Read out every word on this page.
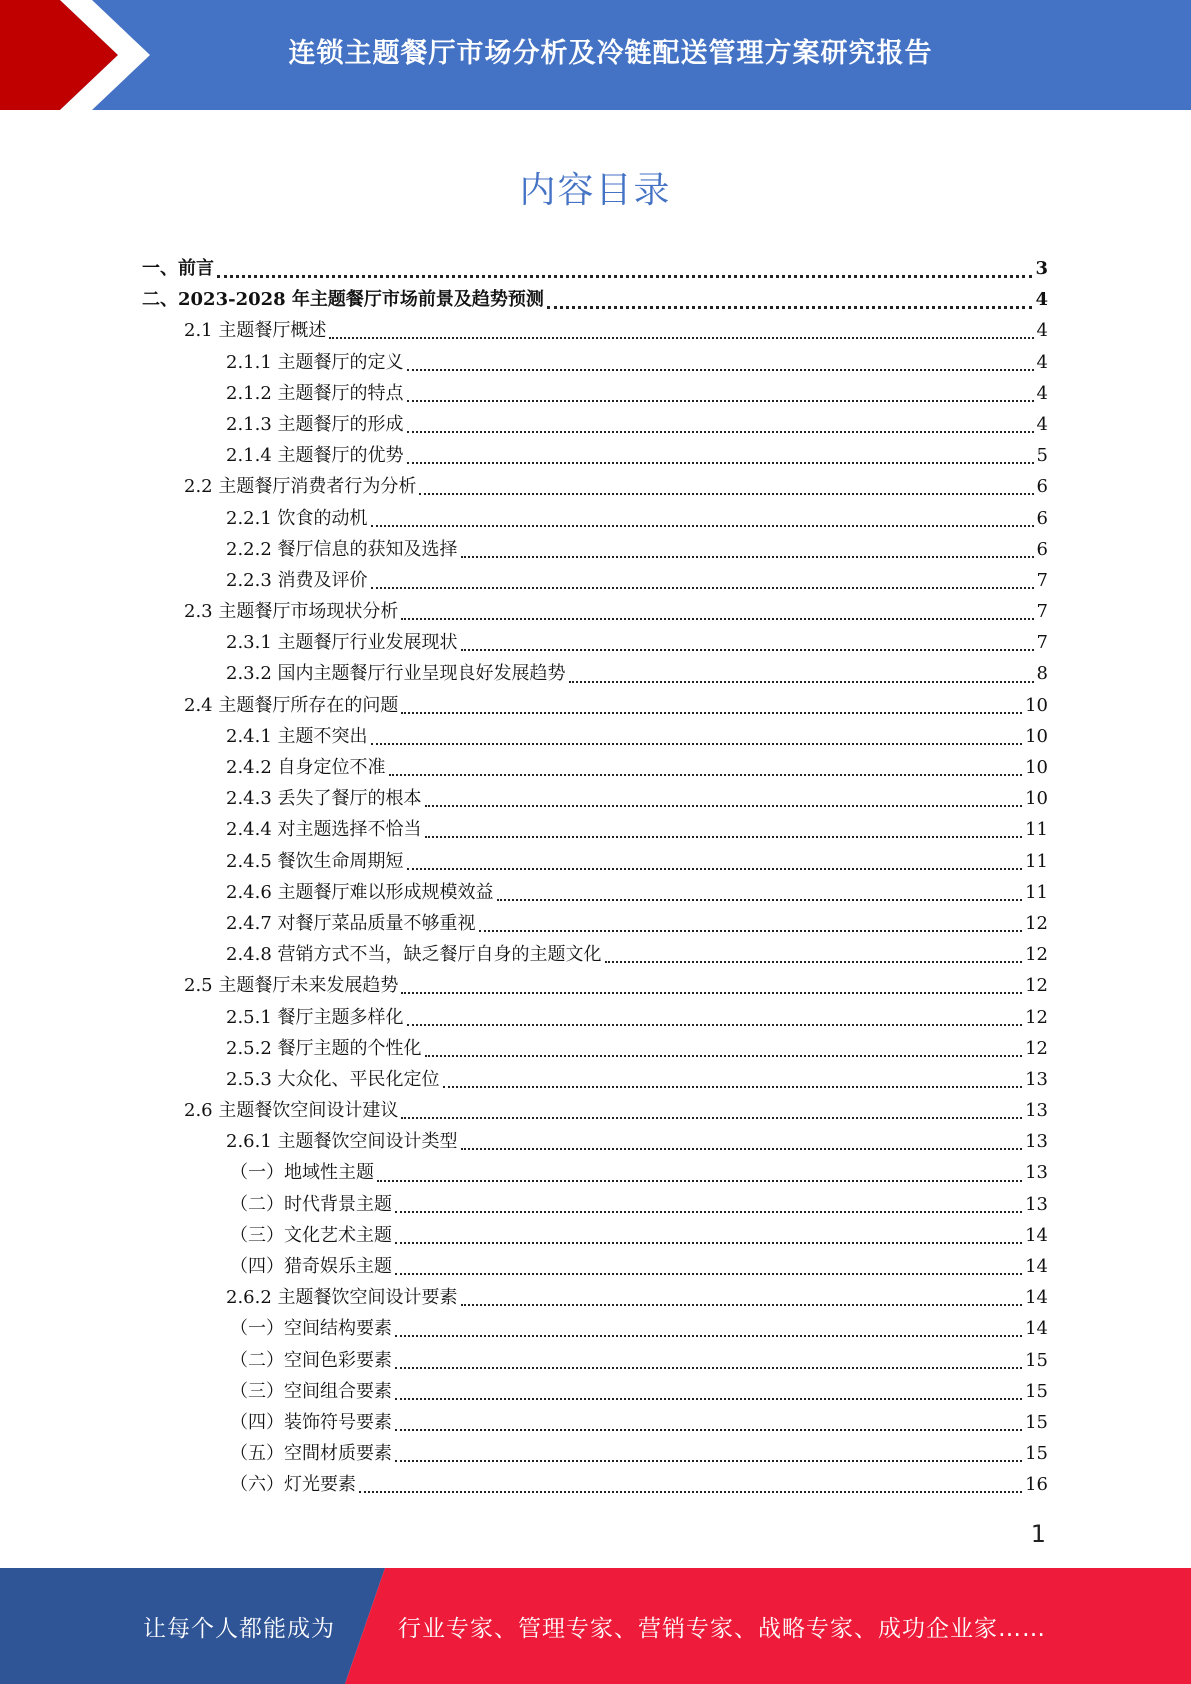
连锁主题餐厅市场分析及冷链配送管理方案研究报告
内容目录
一、前言	3
二、2023-2028 年主题餐厅市场前景及趋势预测	4
2.1 主题餐厅概述	4
2.1.1 主题餐厅的定义	4
2.1.2 主题餐厅的特点	4
2.1.3 主题餐厅的形成	4
2.1.4 主题餐厅的优势	5
2.2 主题餐厅消费者行为分析	6
2.2.1 饮食的动机	6
2.2.2 餐厅信息的获知及选择	6
2.2.3 消费及评价	7
2.3 主题餐厅市场现状分析	7
2.3.1 主题餐厅行业发展现状	7
2.3.2 国内主题餐厅行业呈现良好发展趋势	8
2.4 主题餐厅所存在的问题	10
2.4.1 主题不突出	10
2.4.2 自身定位不准	10
2.4.3 丢失了餐厅的根本	10
2.4.4 对主题选择不恰当	11
2.4.5 餐饮生命周期短	11
2.4.6 主题餐厅难以形成规模效益	11
2.4.7 对餐厅菜品质量不够重视	12
2.4.8 营销方式不当，缺乏餐厅自身的主题文化	12
2.5 主题餐厅未来发展趋势	12
2.5.1 餐厅主题多样化	12
2.5.2 餐厅主题的个性化	12
2.5.3 大众化、平民化定位	13
2.6 主题餐饮空间设计建议	13
2.6.1 主题餐饮空间设计类型	13
（一）地域性主题	13
（二）时代背景主题	13
（三）文化艺术主题	14
（四）猎奇娱乐主题	14
2.6.2 主题餐饮空间设计要素	14
（一）空间结构要素	14
（二）空间色彩要素	15
（三）空间组合要素	15
（四）装饰符号要素	15
（五）空間材质要素	15
（六）灯光要素	16
1
让每个人都能成为	行业专家、管理专家、营销专家、战略专家、成功企业家……
